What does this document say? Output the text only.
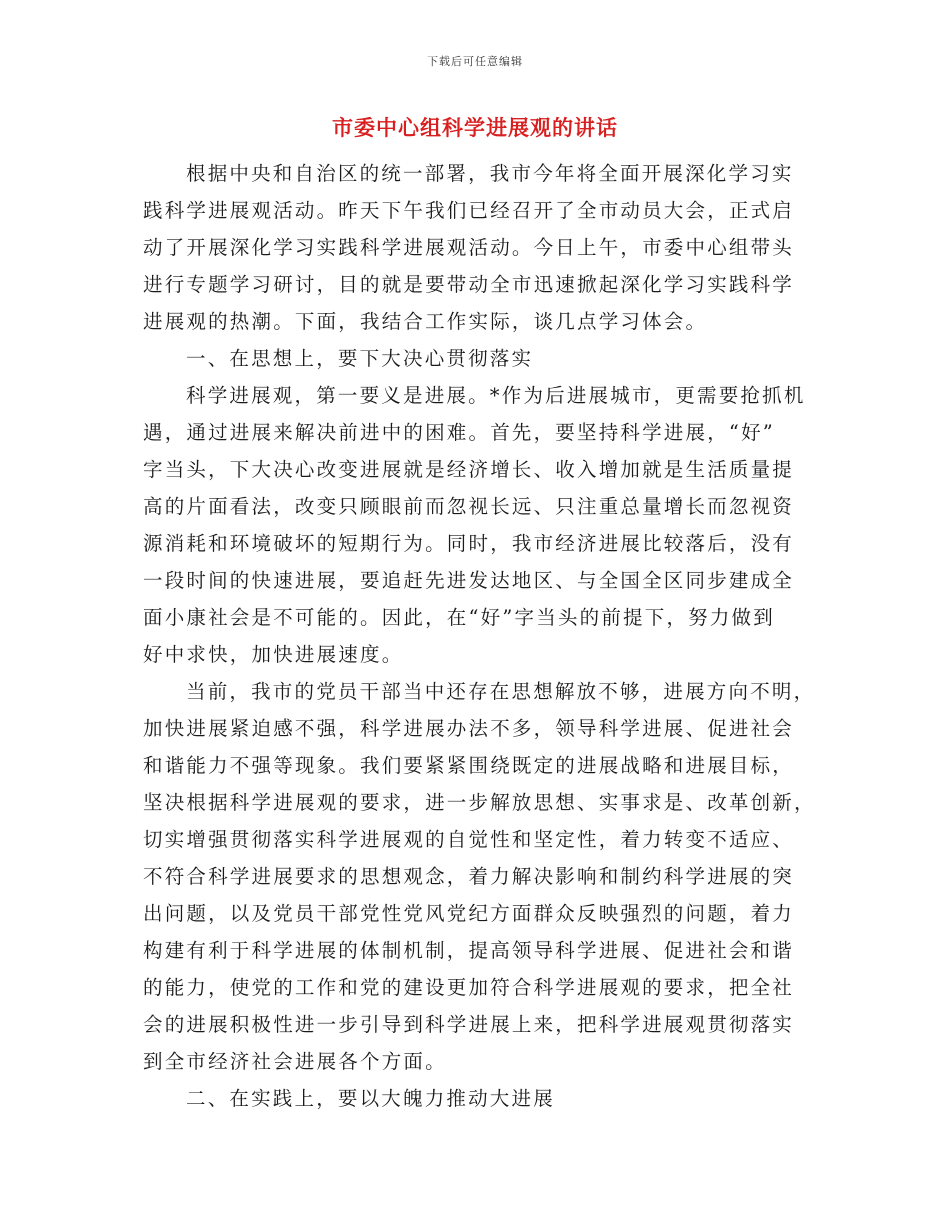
下载后可任意编辑
市委中心组科学进展观的讲话
根据中央和自治区的统一部署，我市今年将全面开展深化学习实
践科学进展观活动。昨天下午我们已经召开了全市动员大会，正式启
动了开展深化学习实践科学进展观活动。今日上午，市委中心组带头
进行专题学习研讨，目的就是要带动全市迅速掀起深化学习实践科学
进展观的热潮。下面，我结合工作实际，谈几点学习体会。
一、在思想上，要下大决心贯彻落实
科学进展观，第一要义是进展。*作为后进展城市，更需要抢抓机
遇，通过进展来解决前进中的困难。首先，要坚持科学进展，“好”
字当头，下大决心改变进展就是经济增长、收入增加就是生活质量提
高的片面看法，改变只顾眼前而忽视长远、只注重总量增长而忽视资
源消耗和环境破坏的短期行为。同时，我市经济进展比较落后，没有
一段时间的快速进展，要追赶先进发达地区、与全国全区同步建成全
面小康社会是不可能的。因此，在“好”字当头的前提下，努力做到
好中求快，加快进展速度。
当前，我市的党员干部当中还存在思想解放不够，进展方向不明，
加快进展紧迫感不强，科学进展办法不多，领导科学进展、促进社会
和谐能力不强等现象。我们要紧紧围绕既定的进展战略和进展目标，
坚决根据科学进展观的要求，进一步解放思想、实事求是、改革创新，
切实增强贯彻落实科学进展观的自觉性和坚定性，着力转变不适应、
不符合科学进展要求的思想观念，着力解决影响和制约科学进展的突
出问题，以及党员干部党性党风党纪方面群众反映强烈的问题，着力
构建有利于科学进展的体制机制，提高领导科学进展、促进社会和谐
的能力，使党的工作和党的建设更加符合科学进展观的要求，把全社
会的进展积极性进一步引导到科学进展上来，把科学进展观贯彻落实
到全市经济社会进展各个方面。
二、在实践上，要以大魄力推动大进展
